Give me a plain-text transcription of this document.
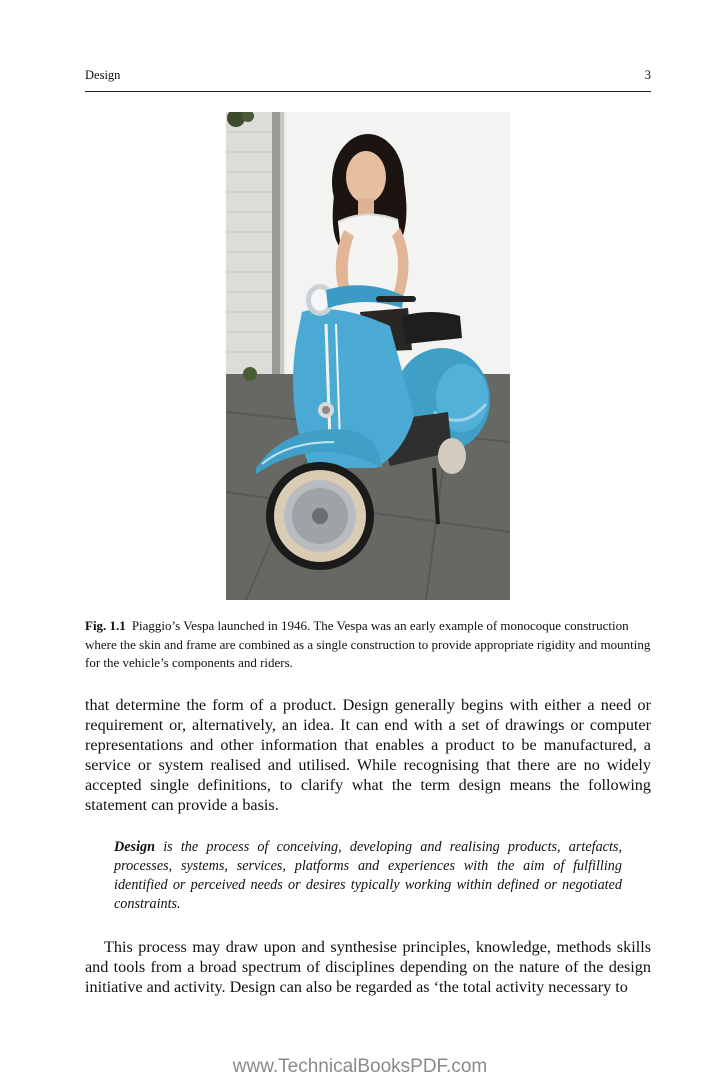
Design	3
Fig. 1.1 Piaggio’s Vespa launched in 1946. The Vespa was an early example of monocoque construction where the skin and frame are combined as a single construction to provide appropriate rigidity and mounting for the vehicle’s components and riders.

that determine the form of a product. Design generally begins with either a need or requirement or, alternatively, an idea. It can end with a set of drawings or computer representations and other information that enables a product to be manufactured, a service or system realised and utilised. While recognising that there are no widely accepted single definitions, to clarify what the term design means the following statement can provide a basis.

Design is the process of conceiving, developing and realising products, artefacts, processes, systems, services, platforms and experiences with the aim of fulfilling identified or perceived needs or desires typically working within defined or negotiated constraints.

This process may draw upon and synthesise principles, knowledge, methods skills and tools from a broad spectrum of disciplines depending on the nature of the design initiative and activity. Design can also be regarded as ‘the total activity necessary to

www.TechnicalBooksPDF.com
